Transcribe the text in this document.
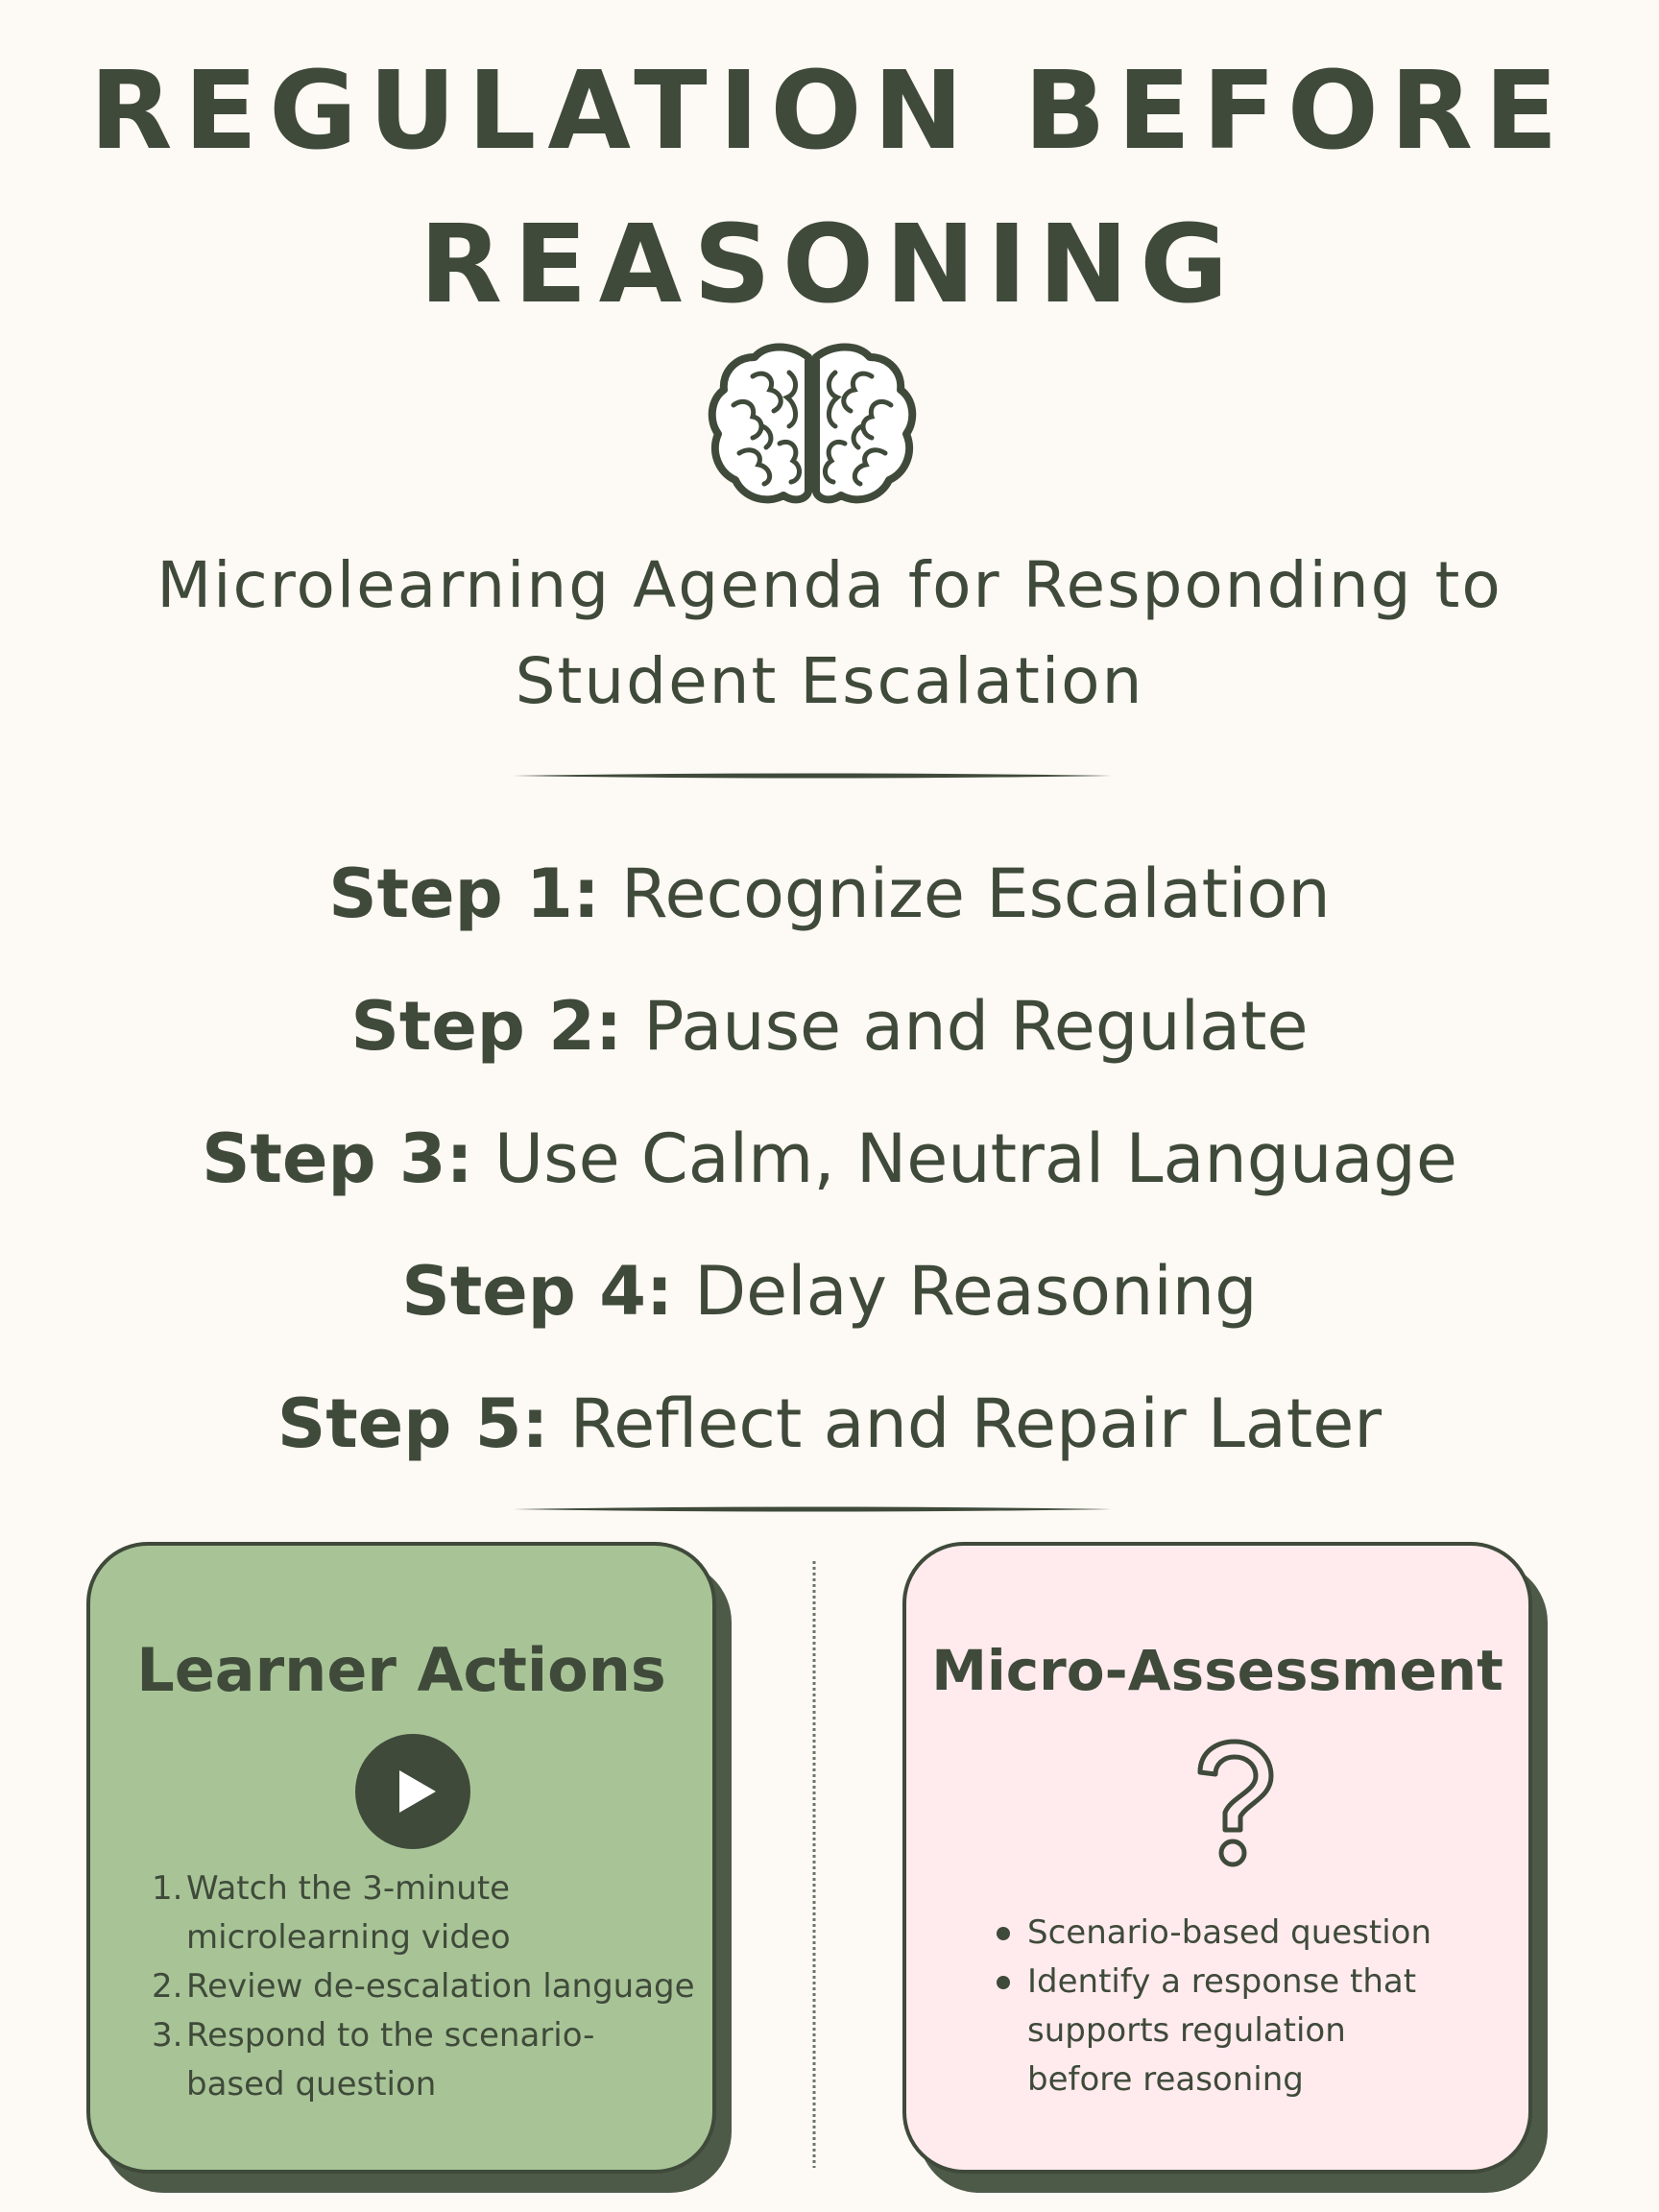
REGULATION BEFORE
REASONING

Microlearning Agenda for Responding to
Student Escalation

Step 1: Recognize Escalation
Step 2: Pause and Regulate
Step 3: Use Calm, Neutral Language
Step 4: Delay Reasoning
Step 5: Reflect and Repair Later
Learner Actions
1. Watch the 3-minute
microlearning video
2. Review de-escalation language
3. Respond to the scenario-
based question
Micro-Assessment
Scenario-based question
Identify a response that
supports regulation
before reasoning
